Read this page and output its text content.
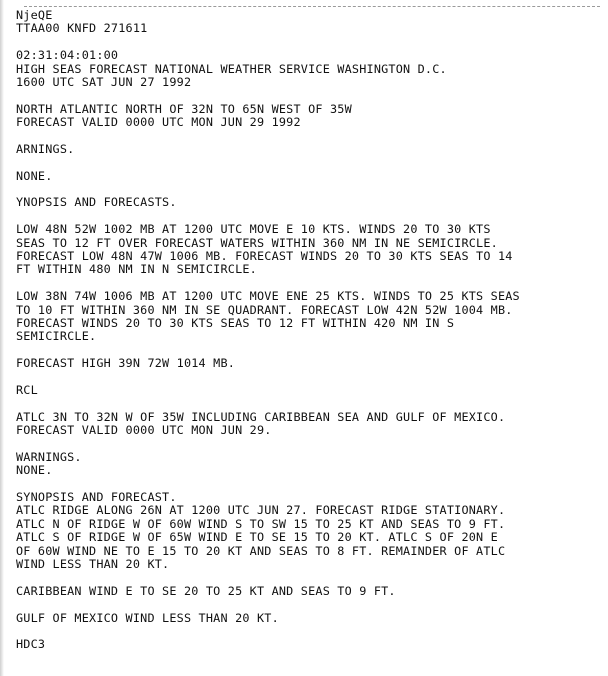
NjeQE
TTAA00 KNFD 271611
02:31:04:01:00
HIGH SEAS FORECAST NATIONAL WEATHER SERVICE WASHINGTON D.C.
1600 UTC SAT JUN 27 1992
NORTH ATLANTIC NORTH OF 32N TO 65N WEST OF 35W
FORECAST VALID 0000 UTC MON JUN 29 1992
ARNINGS.
NONE.
YNOPSIS AND FORECASTS.
LOW 48N 52W 1002 MB AT 1200 UTC MOVE E 10 KTS. WINDS 20 TO 30 KTS
SEAS TO 12 FT OVER FORECAST WATERS WITHIN 360 NM IN NE SEMICIRCLE.
FORECAST LOW 48N 47W 1006 MB. FORECAST WINDS 20 TO 30 KTS SEAS TO 14
FT WITHIN 480 NM IN N SEMICIRCLE.
LOW 38N 74W 1006 MB AT 1200 UTC MOVE ENE 25 KTS. WINDS TO 25 KTS SEAS
TO 10 FT WITHIN 360 NM IN SE QUADRANT. FORECAST LOW 42N 52W 1004 MB.
FORECAST WINDS 20 TO 30 KTS SEAS TO 12 FT WITHIN 420 NM IN S
SEMICIRCLE.
FORECAST HIGH 39N 72W 1014 MB.
RCL
ATLC 3N TO 32N W OF 35W INCLUDING CARIBBEAN SEA AND GULF OF MEXICO.
FORECAST VALID 0000 UTC MON JUN 29.
WARNINGS.
NONE.
SYNOPSIS AND FORECAST.
ATLC RIDGE ALONG 26N AT 1200 UTC JUN 27. FORECAST RIDGE STATIONARY.
ATLC N OF RIDGE W OF 60W WIND S TO SW 15 TO 25 KT AND SEAS TO 9 FT.
ATLC S OF RIDGE W OF 65W WIND E TO SE 15 TO 20 KT. ATLC S OF 20N E
OF 60W WIND NE TO E 15 TO 20 KT AND SEAS TO 8 FT. REMAINDER OF ATLC
WIND LESS THAN 20 KT.
CARIBBEAN WIND E TO SE 20 TO 25 KT AND SEAS TO 9 FT.
GULF OF MEXICO WIND LESS THAN 20 KT.
HDC3
